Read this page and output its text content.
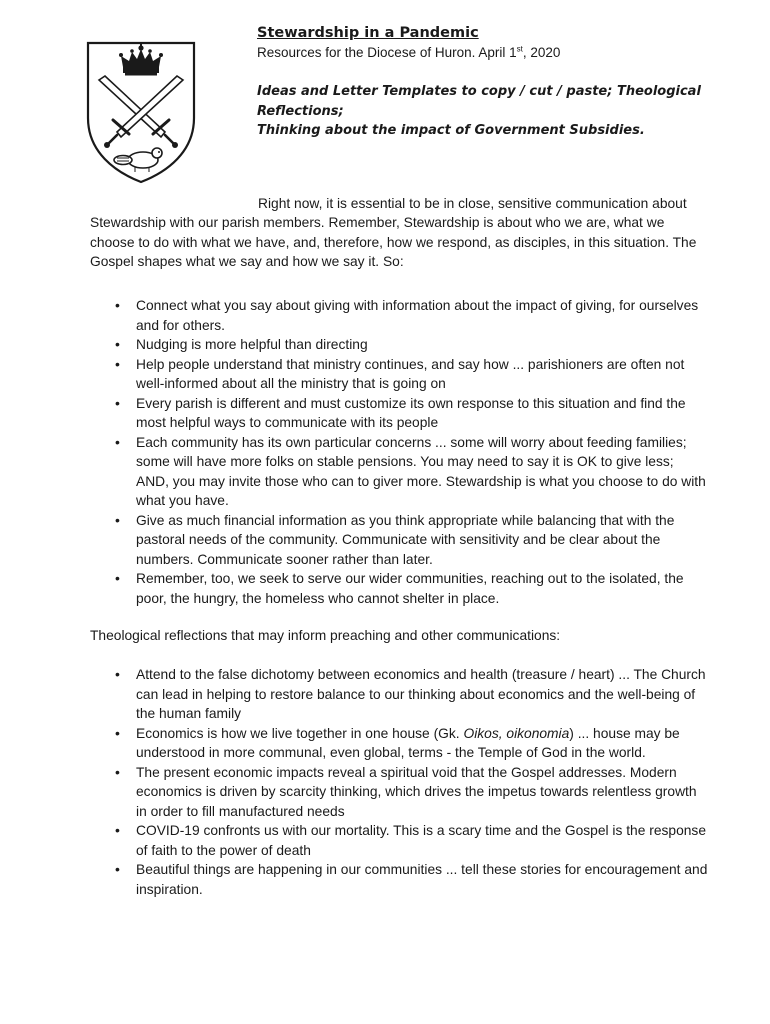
Stewardship in a Pandemic

Resources for the Diocese of Huron. April 1st, 2020

Ideas and Letter Templates to copy / cut / paste; Theological Reflections;
Thinking about the impact of Government Subsidies.

Right now, it is essential to be in close, sensitive communication about Stewardship with our parish members. Remember, Stewardship is about who we are, what we choose to do with what we have, and, therefore, how we respond, as disciples, in this situation. The Gospel shapes what we say and how we say it. So:

• Connect what you say about giving with information about the impact of giving, for ourselves and for others.
• Nudging is more helpful than directing
• Help people understand that ministry continues, and say how ... parishioners are often not well-informed about all the ministry that is going on
• Every parish is different and must customize its own response to this situation and find the most helpful ways to communicate with its people
• Each community has its own particular concerns ... some will worry about feeding families; some will have more folks on stable pensions. You may need to say it is OK to give less; AND, you may invite those who can to giver more. Stewardship is what you choose to do with what you have.
• Give as much financial information as you think appropriate while balancing that with the pastoral needs of the community. Communicate with sensitivity and be clear about the numbers. Communicate sooner rather than later.
• Remember, too, we seek to serve our wider communities, reaching out to the isolated, the poor, the hungry, the homeless who cannot shelter in place.

Theological reflections that may inform preaching and other communications:

• Attend to the false dichotomy between economics and health (treasure / heart) ... The Church can lead in helping to restore balance to our thinking about economics and the well-being of the human family
• Economics is how we live together in one house (Gk. Oikos, oikonomia) ... house may be understood in more communal, even global, terms - the Temple of God in the world.
• The present economic impacts reveal a spiritual void that the Gospel addresses. Modern economics is driven by scarcity thinking, which drives the impetus towards relentless growth in order to fill manufactured needs
• COVID-19 confronts us with our mortality. This is a scary time and the Gospel is the response of faith to the power of death
• Beautiful things are happening in our communities ... tell these stories for encouragement and inspiration.
